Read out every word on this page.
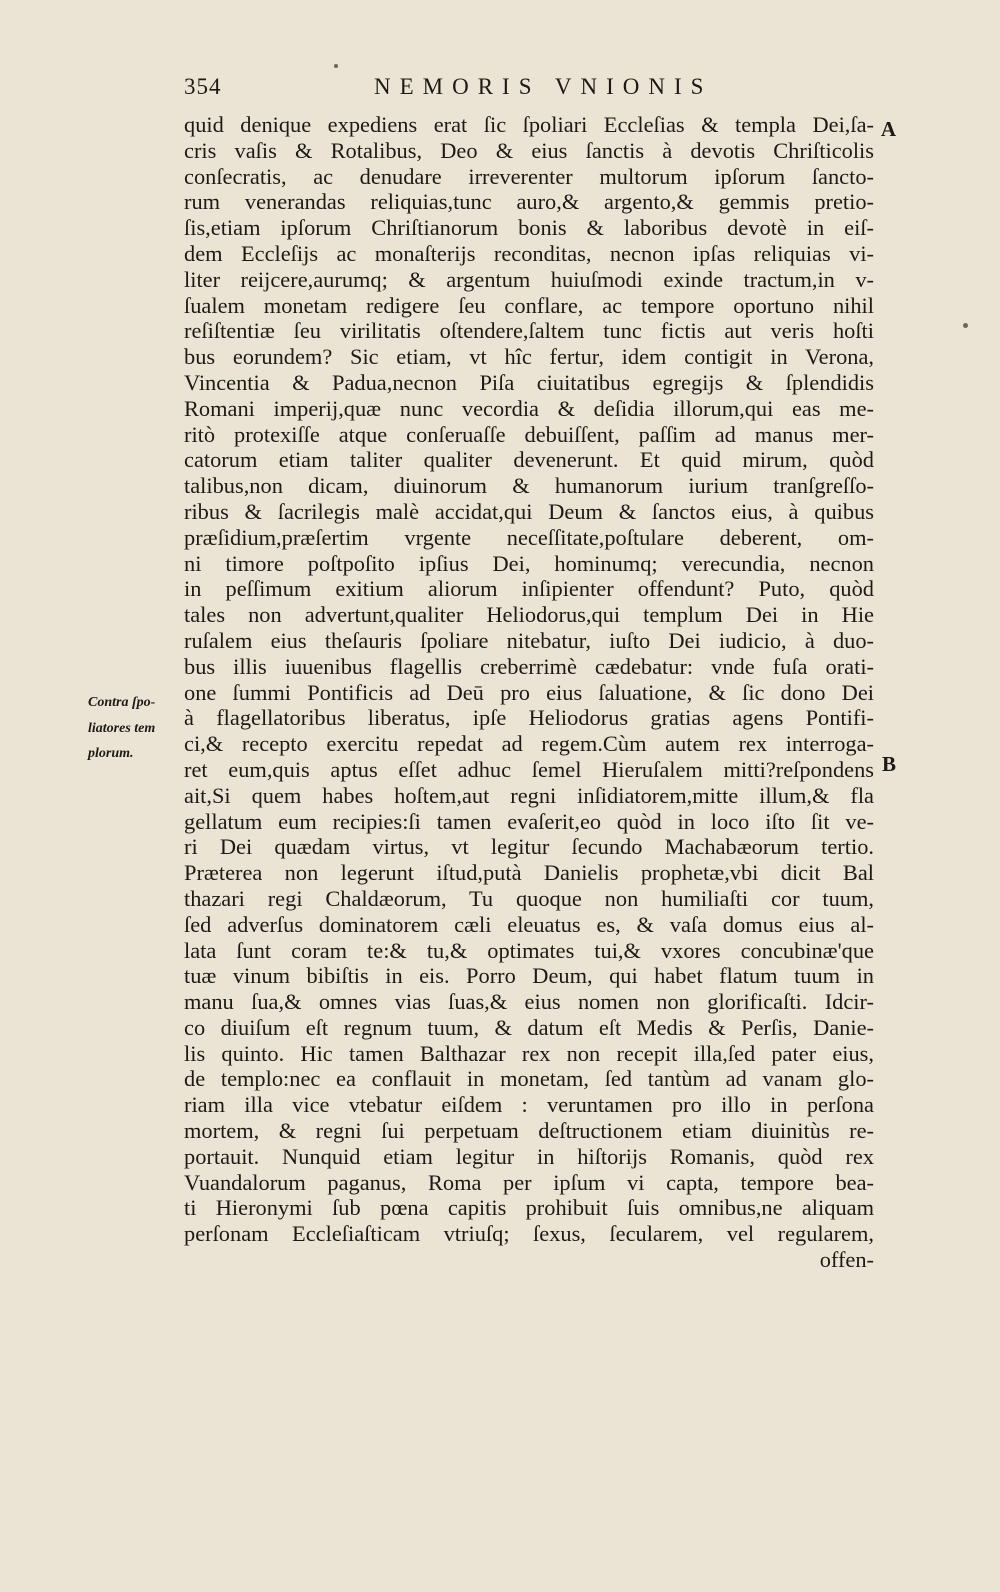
354	NEMORIS VNIONIS
A
B
Contra ſpo-
liatores tem
plorum.
quid denique expediens erat ſic ſpoliari Eccleſias & templa Dei,ſa-
cris vaſis & Rotalibus, Deo & eius ſanctis à devotis Chriſticolis
conſecratis, ac denudare irreverenter multorum ipſorum ſancto-
rum venerandas reliquias,tunc auro,& argento,& gemmis pretio-
ſis,etiam ipſorum Chriſtianorum bonis & laboribus devotè in eiſ-
dem Eccleſijs ac monaſterijs reconditas, necnon ipſas reliquias vi-
liter reijcere,aurumq; & argentum huiuſmodi exinde tractum,in v-
ſualem monetam redigere ſeu conflare, ac tempore oportuno nihil
reſiſtentiæ ſeu virilitatis oſtendere,ſaltem tunc fictis aut veris hoſti
bus eorundem? Sic etiam, vt hîc fertur, idem contigit in Verona,
Vincentia & Padua,necnon Piſa ciuitatibus egregijs & ſplendidis
Romani imperij,quæ nunc vecordia & deſidia illorum,qui eas me-
ritò protexiſſe atque conſeruaſſe debuiſſent, paſſim ad manus mer-
catorum etiam taliter qualiter devenerunt. Et quid mirum, quòd
talibus,non dicam, diuinorum & humanorum iurium tranſgreſſo-
ribus & ſacrilegis malè accidat,qui Deum & ſanctos eius, à quibus
præſidium,præſertim vrgente neceſſitate,poſtulare deberent, om-
ni timore poſtpoſito ipſius Dei, hominumq; verecundia, necnon
in peſſimum exitium aliorum inſipienter offendunt? Puto, quòd
tales non advertunt,qualiter Heliodorus,qui templum Dei in Hie
ruſalem eius theſauris ſpoliare nitebatur, iuſto Dei iudicio, à duo-
bus illis iuuenibus flagellis creberrimè cædebatur: vnde fuſa orati-
one ſummi Pontificis ad Deū pro eius ſaluatione, & ſic dono Dei
à flagellatoribus liberatus, ipſe Heliodorus gratias agens Pontifi-
ci,& recepto exercitu repedat ad regem.Cùm autem rex interroga-
ret eum,quis aptus eſſet adhuc ſemel Hieruſalem mitti?reſpondens
ait,Si quem habes hoſtem,aut regni inſidiatorem,mitte illum,& fla
gellatum eum recipies:ſi tamen evaſerit,eo quòd in loco iſto ſit ve-
ri Dei quædam virtus, vt legitur ſecundo Machabæorum tertio.
Præterea non legerunt iſtud,putà Danielis prophetæ,vbi dicit Bal
thazari regi Chaldæorum, Tu quoque non humiliaſti cor tuum,
ſed adverſus dominatorem cæli eleuatus es, & vaſa domus eius al-
lata ſunt coram te:& tu,& optimates tui,& vxores concubinæ'que
tuæ vinum bibiſtis in eis. Porro Deum, qui habet flatum tuum in
manu ſua,& omnes vias ſuas,& eius nomen non glorificaſti. Idcir-
co diuiſum eſt regnum tuum, & datum eſt Medis & Perſis, Danie-
lis quinto. Hic tamen Balthazar rex non recepit illa,ſed pater eius,
de templo:nec ea conflauit in monetam, ſed tantùm ad vanam glo-
riam illa vice vtebatur eiſdem : veruntamen pro illo in perſona
mortem, & regni ſui perpetuam deſtructionem etiam diuinitùs re-
portauit. Nunquid etiam legitur in hiſtorijs Romanis, quòd rex
Vuandalorum paganus, Roma per ipſum vi capta, tempore bea-
ti Hieronymi ſub pœna capitis prohibuit ſuis omnibus,ne aliquam
perſonam Eccleſiaſticam vtriuſq; ſexus, ſecularem, vel regularem,
offen-
